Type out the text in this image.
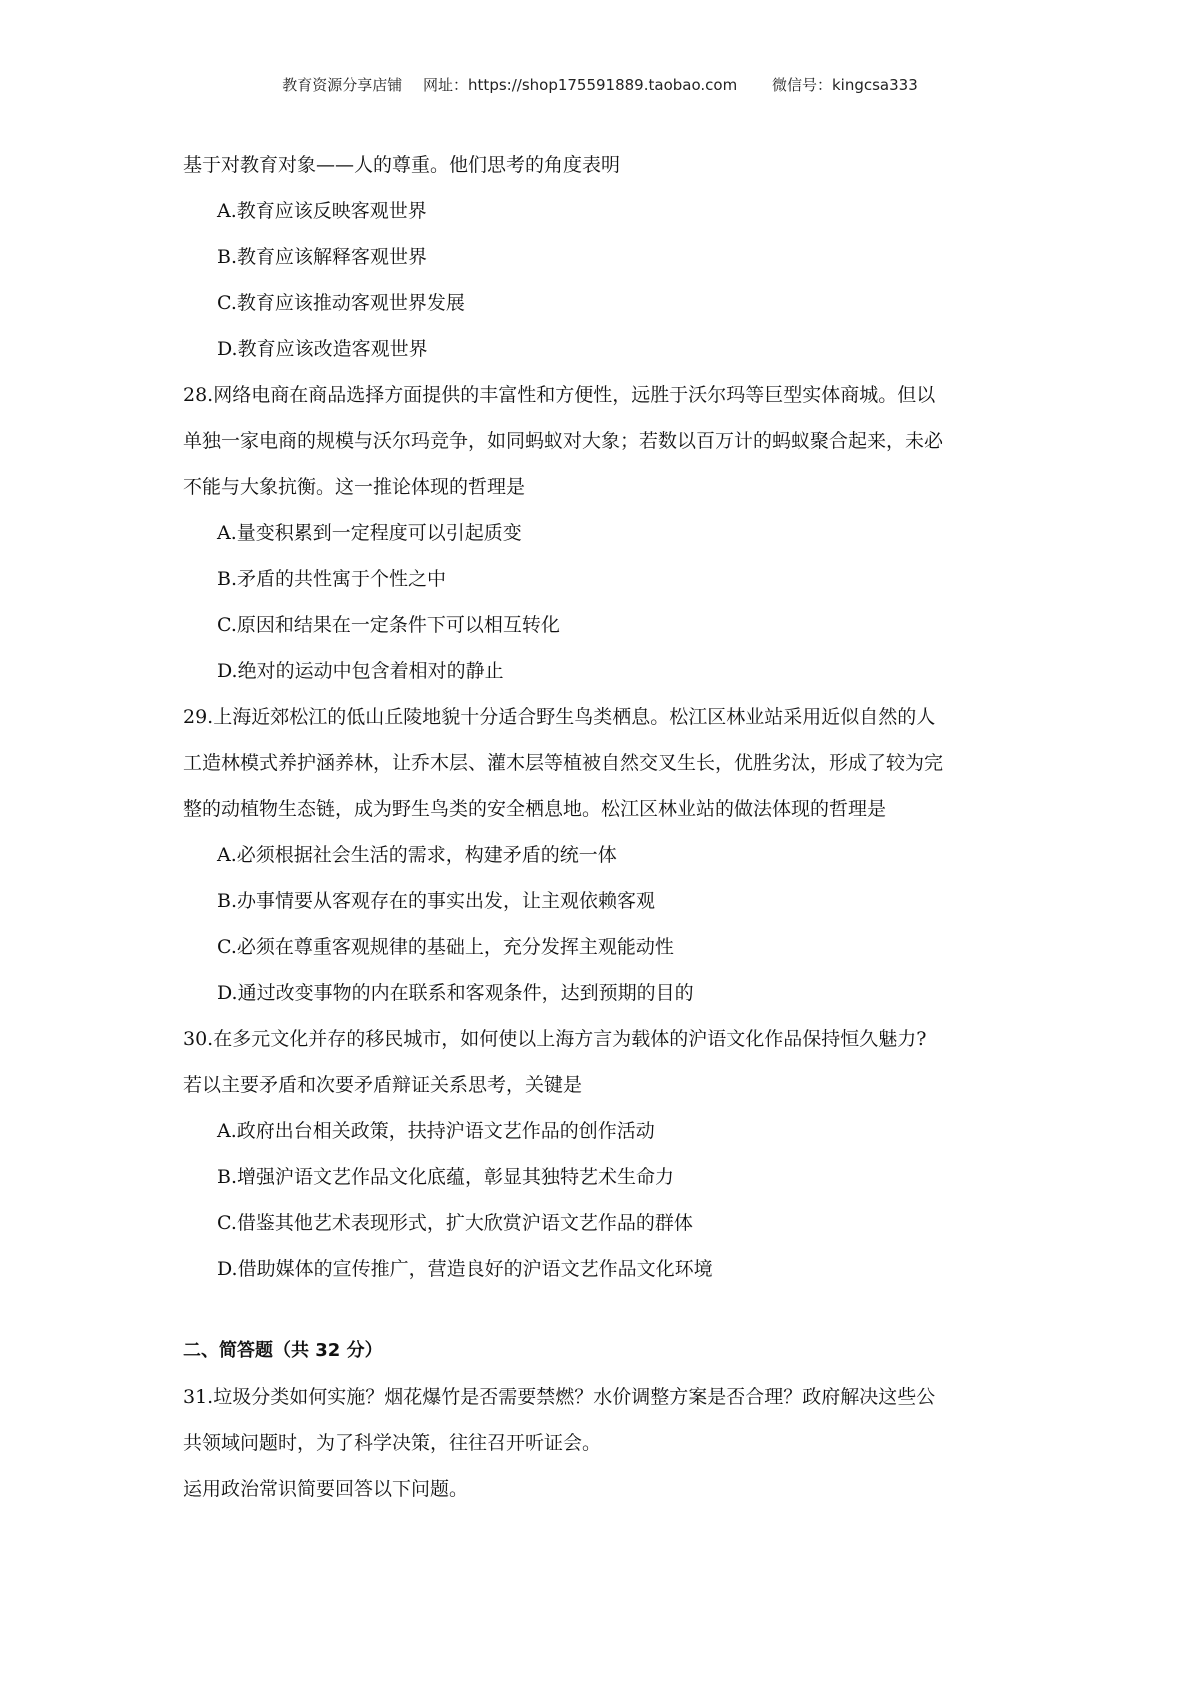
教育资源分享店铺 网址：https://shop175591889.taobao.com 微信号：kingcsa333
基于对教育对象——人的尊重。他们思考的角度表明
A.教育应该反映客观世界
B.教育应该解释客观世界
C.教育应该推动客观世界发展
D.教育应该改造客观世界
28.网络电商在商品选择方面提供的丰富性和方便性，远胜于沃尔玛等巨型实体商城。但以
单独一家电商的规模与沃尔玛竞争，如同蚂蚁对大象；若数以百万计的蚂蚁聚合起来，未必
不能与大象抗衡。这一推论体现的哲理是
A.量变积累到一定程度可以引起质变
B.矛盾的共性寓于个性之中
C.原因和结果在一定条件下可以相互转化
D.绝对的运动中包含着相对的静止
29.上海近郊松江的低山丘陵地貌十分适合野生鸟类栖息。松江区林业站采用近似自然的人
工造林模式养护涵养林，让乔木层、灌木层等植被自然交叉生长，优胜劣汰，形成了较为完
整的动植物生态链，成为野生鸟类的安全栖息地。松江区林业站的做法体现的哲理是
A.必须根据社会生活的需求，构建矛盾的统一体
B.办事情要从客观存在的事实出发，让主观依赖客观
C.必须在尊重客观规律的基础上，充分发挥主观能动性
D.通过改变事物的内在联系和客观条件，达到预期的目的
30.在多元文化并存的移民城市，如何使以上海方言为载体的沪语文化作品保持恒久魅力?
若以主要矛盾和次要矛盾辩证关系思考，关键是
A.政府出台相关政策，扶持沪语文艺作品的创作活动
B.增强沪语文艺作品文化底蕴，彰显其独特艺术生命力
C.借鉴其他艺术表现形式，扩大欣赏沪语文艺作品的群体
D.借助媒体的宣传推广，营造良好的沪语文艺作品文化环境
二、简答题（共 32 分）
31.垃圾分类如何实施？烟花爆竹是否需要禁燃？水价调整方案是否合理？政府解决这些公
共领域问题时，为了科学决策，往往召开听证会。
运用政治常识简要回答以下问题。
